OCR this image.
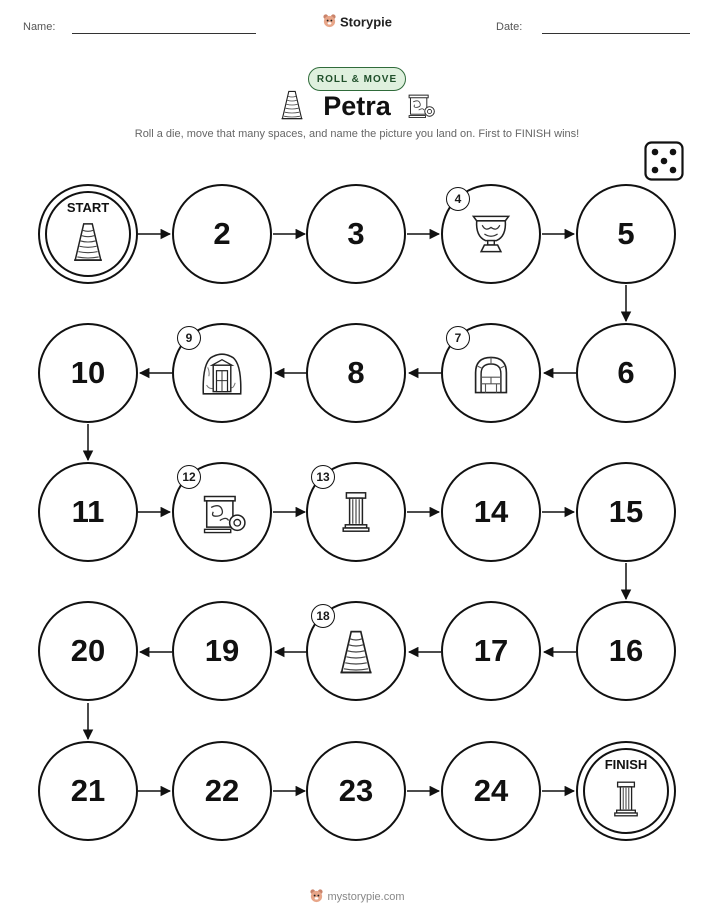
Name:	Storypie	Date:
ROLL & MOVE
Petra
Roll a die, move that many spaces, and name the picture you land on. First to FINISH wins!
START
2	3
4
5
6
7
8
9
10
11
12	13
14	15
16
17
18
19
20
21	22	23	24
FINISH
mystorypie.com
